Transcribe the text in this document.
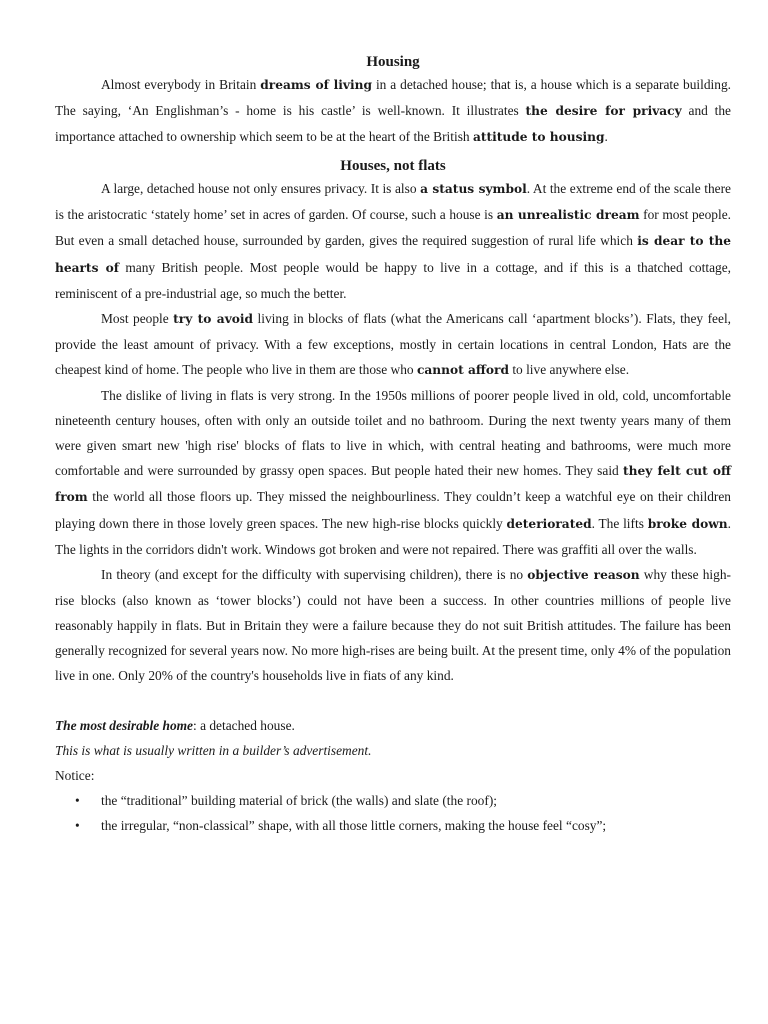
Housing

Almost everybody in Britain dreams of living in a detached house; that is, a house which is a separate building. The saying, ‘An Englishman’s - home is his castle’ is well-known. It illustrates the desire for privacy and the importance attached to ownership which seem to be at the heart of the British attitude to housing.

Houses, not flats

A large, detached house not only ensures privacy. It is also a status symbol. At the extreme end of the scale there is the aristocratic ‘stately home’ set in acres of garden. Of course, such a house is an unrealistic dream for most people. But even a small detached house, surrounded by garden, gives the required suggestion of rural life which is dear to the hearts of many British people. Most people would be happy to live in a cottage, and if this is a thatched cottage, reminiscent of a pre-industrial age, so much the better.

Most people try to avoid living in blocks of flats (what the Americans call ‘apartment blocks’). Flats, they feel, provide the least amount of privacy. With a few exceptions, mostly in certain locations in central London, Hats are the cheapest kind of home. The people who live in them are those who cannot afford to live anywhere else.

The dislike of living in flats is very strong. In the 1950s millions of poorer people lived in old, cold, uncomfortable nineteenth century houses, often with only an outside toilet and no bathroom. During the next twenty years many of them were given smart new 'high rise' blocks of flats to live in which, with central heating and bathrooms, were much more comfortable and were surrounded by grassy open spaces. But people hated their new homes. They said they felt cut off from the world all those floors up. They missed the neighbourliness. They couldn’t keep a watchful eye on their children playing down there in those lovely green spaces. The new high-rise blocks quickly deteriorated. The lifts broke down. The lights in the corridors didn't work. Windows got broken and were not repaired. There was graffiti all over the walls.

In theory (and except for the difficulty with supervising children), there is no objective reason why these high-rise blocks (also known as ‘tower blocks’) could not have been a success. In other countries millions of people live reasonably happily in flats. But in Britain they were a failure because they do not suit British attitudes. The failure has been generally recognized for several years now. No more high-rises are being built. At the present time, only 4% of the population live in one. Only 20% of the country's households live in fiats of any kind.

The most desirable home: a detached house.

This is what is usually written in a builder’s advertisement.

Notice:

• the “traditional” building material of brick (the walls) and slate (the roof);
• the irregular, “non-classical” shape, with all those little corners, making the house feel “cosy”;
